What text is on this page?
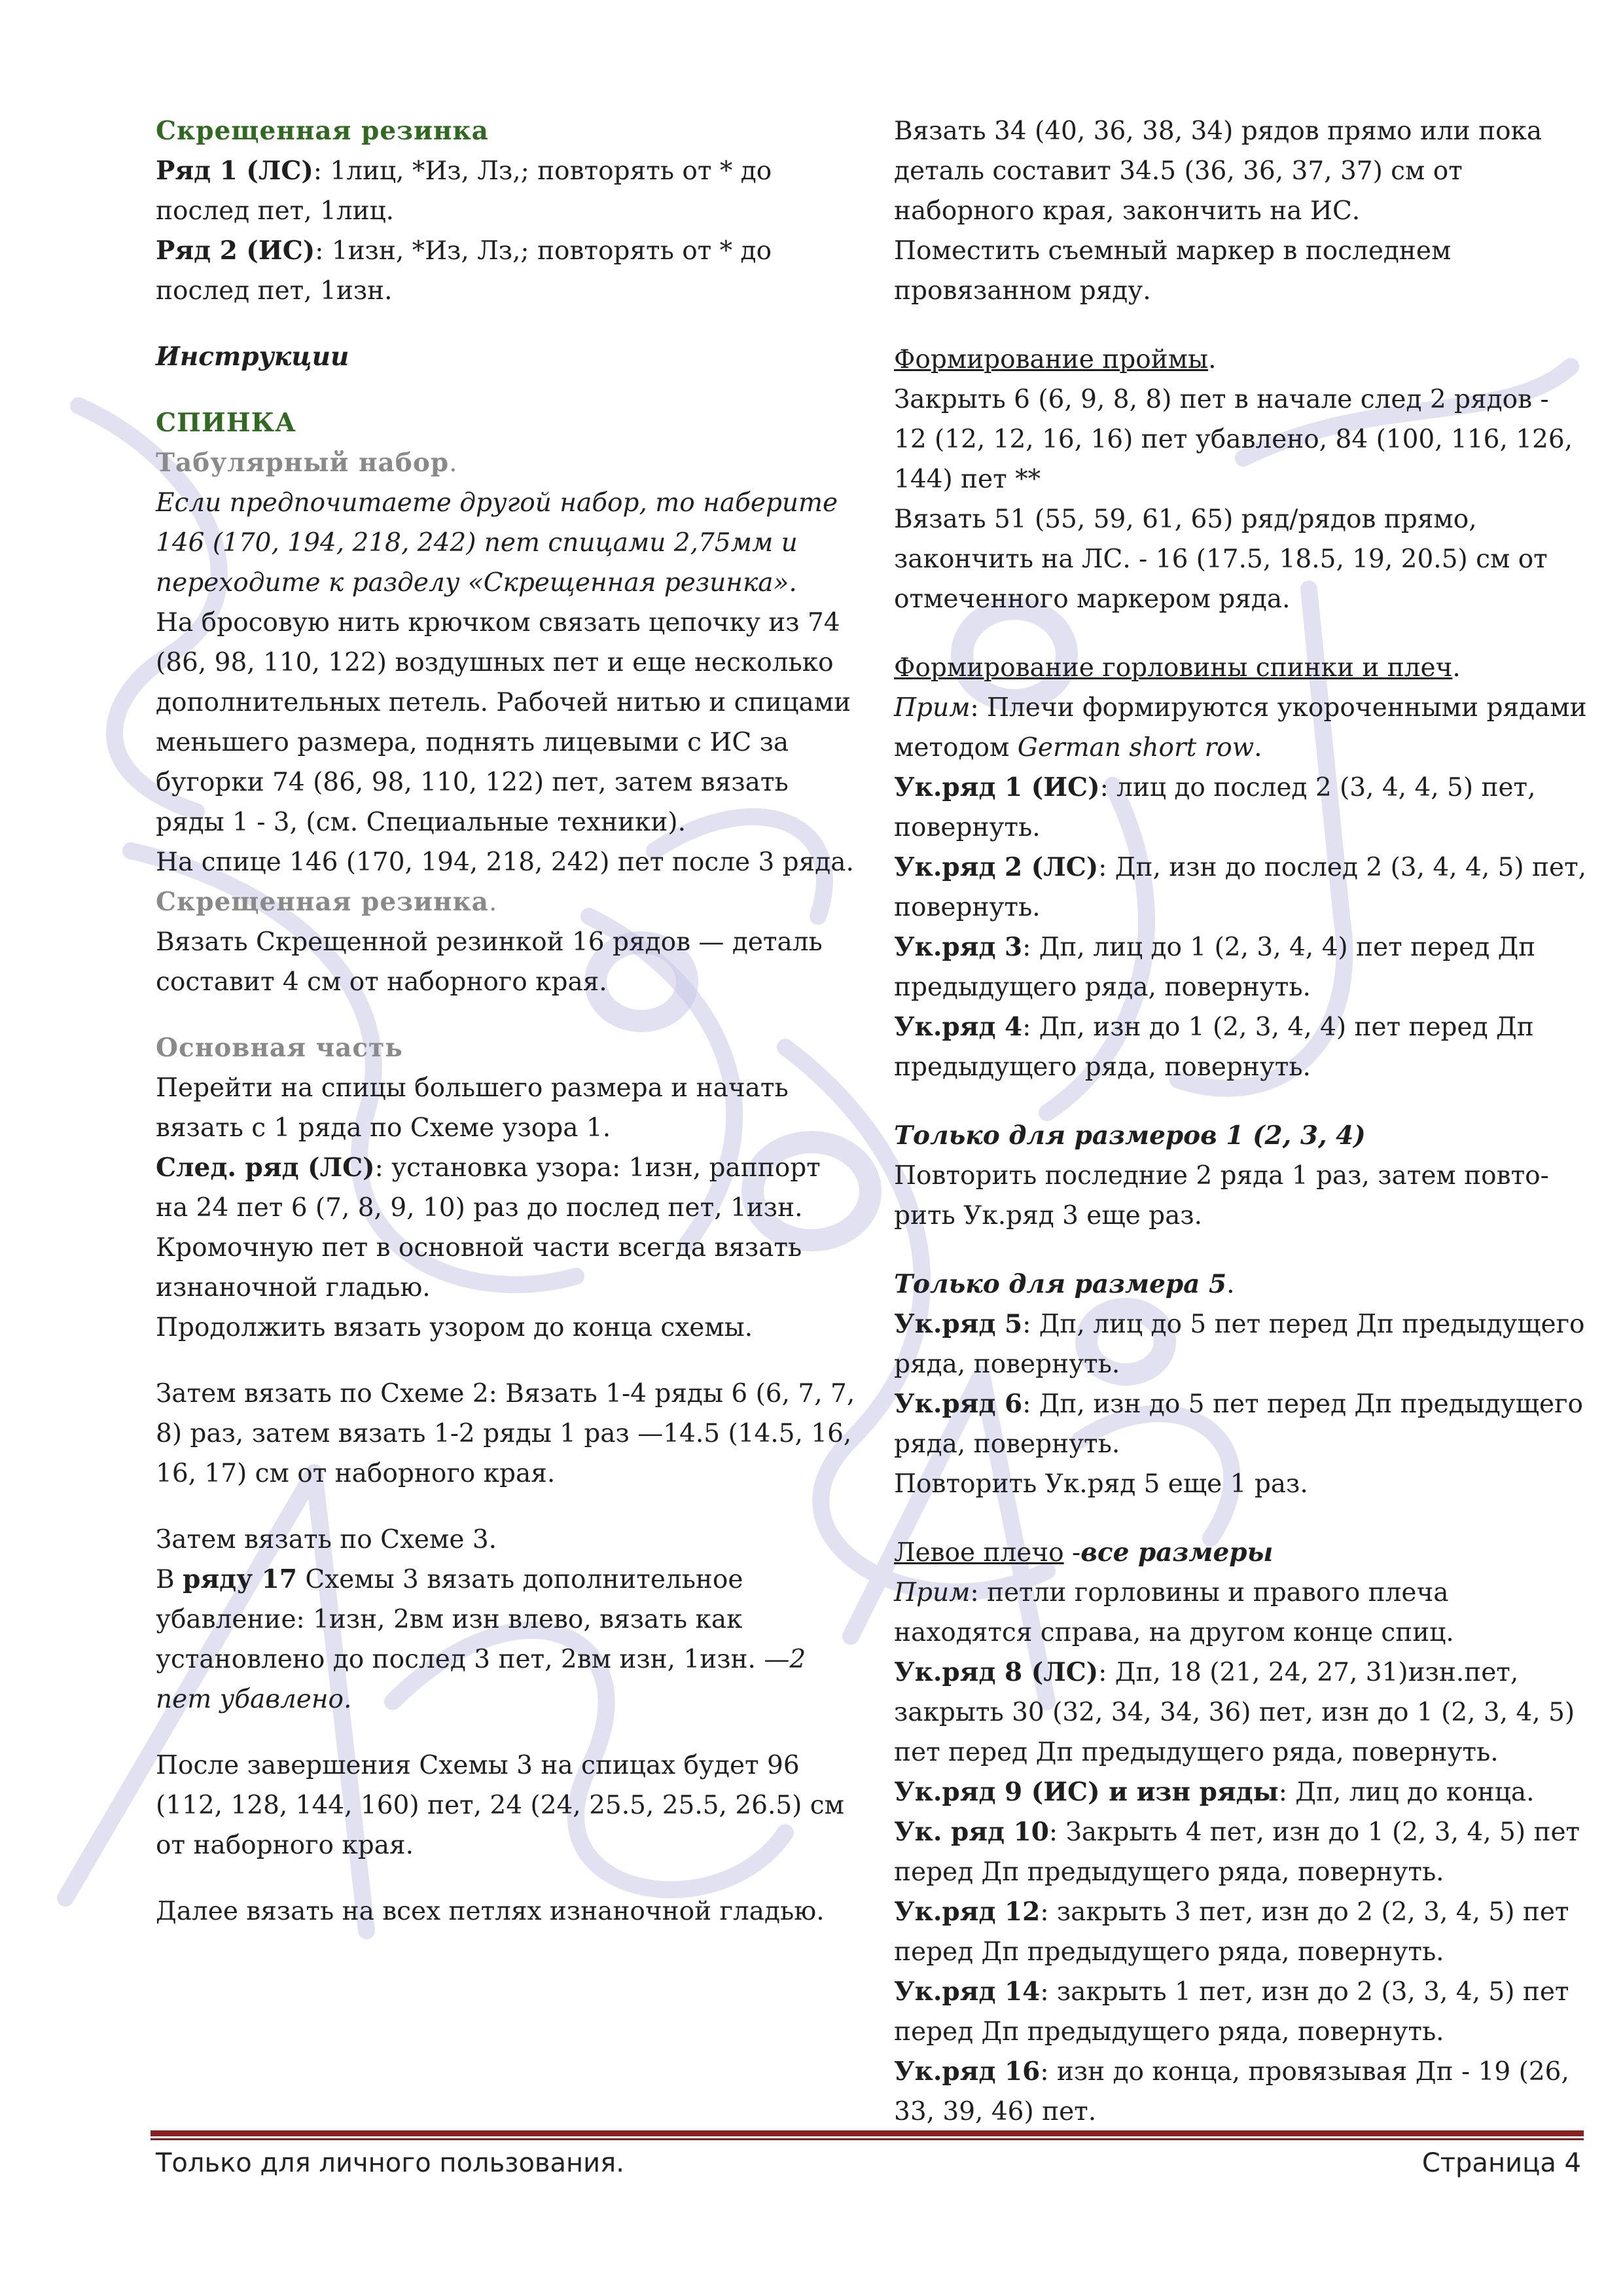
Скрещенная резинка

Ряд 1 (ЛС): 1лиц, *Из, Лз,; повторять от * до послед пет, 1лиц.

Ряд 2 (ИС): 1изн, *Из, Лз,; повторять от * до послед пет, 1изн.

Инструкции

СПИНКА

Табулярный набор.

Если предпочитаете другой набор, то наберите 146 (170, 194, 218, 242) пет спицами 2,75мм и переходите к разделу «Скрещенная резинка».

На бросовую нить крючком связать цепочку из 74 (86, 98, 110, 122) воздушных пет и еще несколько дополнительных петель. Рабочей нитью и спицами меньшего размера, поднять лицевыми с ИС за бугорки 74 (86, 98, 110, 122) пет, затем вязать ряды 1 - 3, (см. Специальные техники).

На спице 146 (170, 194, 218, 242) пет после 3 ряда.

Скрещенная резинка.

Вязать Скрещенной резинкой 16 рядов — деталь составит 4 см от наборного края.

Основная часть

Перейти на спицы большего размера и начать вязать с 1 ряда по Схеме узора 1.

След. ряд (ЛС): установка узора: 1изн, раппорт на 24 пет 6 (7, 8, 9, 10) раз до послед пет, 1изн.

Кромочную пет в основной части всегда вязать изнаночной гладью.

Продолжить вязать узором до конца схемы.

Затем вязать по Схеме 2: Вязать 1-4 ряды 6 (6, 7, 7, 8) раз, затем вязать 1-2 ряды 1 раз —14.5 (14.5, 16, 16, 17) см от наборного края.

Затем вязать по Схеме 3.

В ряду 17 Схемы 3 вязать дополнительное убавление: 1изн, 2вм изн влево, вязать как установлено до послед 3 пет, 2вм изн, 1изн. —2 пет убавлено.

После завершения Схемы 3 на спицах будет 96 (112, 128, 144, 160) пет, 24 (24, 25.5, 25.5, 26.5) см от наборного края.

Далее вязать на всех петлях изнаночной гладью.

Вязать 34 (40, 36, 38, 34) рядов прямо или пока деталь составит 34.5 (36, 36, 37, 37) см от наборного края, закончить на ИС.

Поместить съемный маркер в последнем провязанном ряду.

Формирование проймы.

Закрыть 6 (6, 9, 8, 8) пет в начале след 2 рядов - 12 (12, 12, 16, 16) пет убавлено, 84 (100, 116, 126, 144) пет **

Вязать 51 (55, 59, 61, 65) ряд/рядов прямо, закончить на ЛС. - 16 (17.5, 18.5, 19, 20.5) см от отмеченного маркером ряда.

Формирование горловины спинки и плеч.

Прим: Плечи формируются укороченными рядами методом German short row.

Ук.ряд 1 (ИС): лиц до послед 2 (3, 4, 4, 5) пет, повернуть.

Ук.ряд 2 (ЛС): Дп, изн до послед 2 (3, 4, 4, 5) пет, повернуть.

Ук.ряд 3: Дп, лиц до 1 (2, 3, 4, 4) пет перед Дп предыдущего ряда, повернуть.

Ук.ряд 4: Дп, изн до 1 (2, 3, 4, 4) пет перед Дп предыдущего ряда, повернуть.

Только для размеров 1 (2, 3, 4)

Повторить последние 2 ряда 1 раз, затем повто-рить Ук.ряд 3 еще раз.

Только для размера 5.

Ук.ряд 5: Дп, лиц до 5 пет перед Дп предыдущего ряда, повернуть.

Ук.ряд 6: Дп, изн до 5 пет перед Дп предыдущего ряда, повернуть.

Повторить Ук.ряд 5 еще 1 раз.

Левое плечо -все размеры

Прим: петли горловины и правого плеча находятся справа, на другом конце спиц.

Ук.ряд 8 (ЛС): Дп, 18 (21, 24, 27, 31)изн.пет, закрыть 30 (32, 34, 34, 36) пет, изн до 1 (2, 3, 4, 5) пет перед Дп предыдущего ряда, повернуть.

Ук.ряд 9 (ИС) и изн ряды: Дп, лиц до конца.

Ук. ряд 10: Закрыть 4 пет, изн до 1 (2, 3, 4, 5) пет перед Дп предыдущего ряда, повернуть.

Ук.ряд 12: закрыть 3 пет, изн до 2 (2, 3, 4, 5) пет перед Дп предыдущего ряда, повернуть.

Ук.ряд 14: закрыть 1 пет, изн до 2 (3, 3, 4, 5) пет перед Дп предыдущего ряда, повернуть.

Ук.ряд 16: изн до конца, провязывая Дп - 19 (26, 33, 39, 46) пет.

Только для личного пользования.	Страница 4
